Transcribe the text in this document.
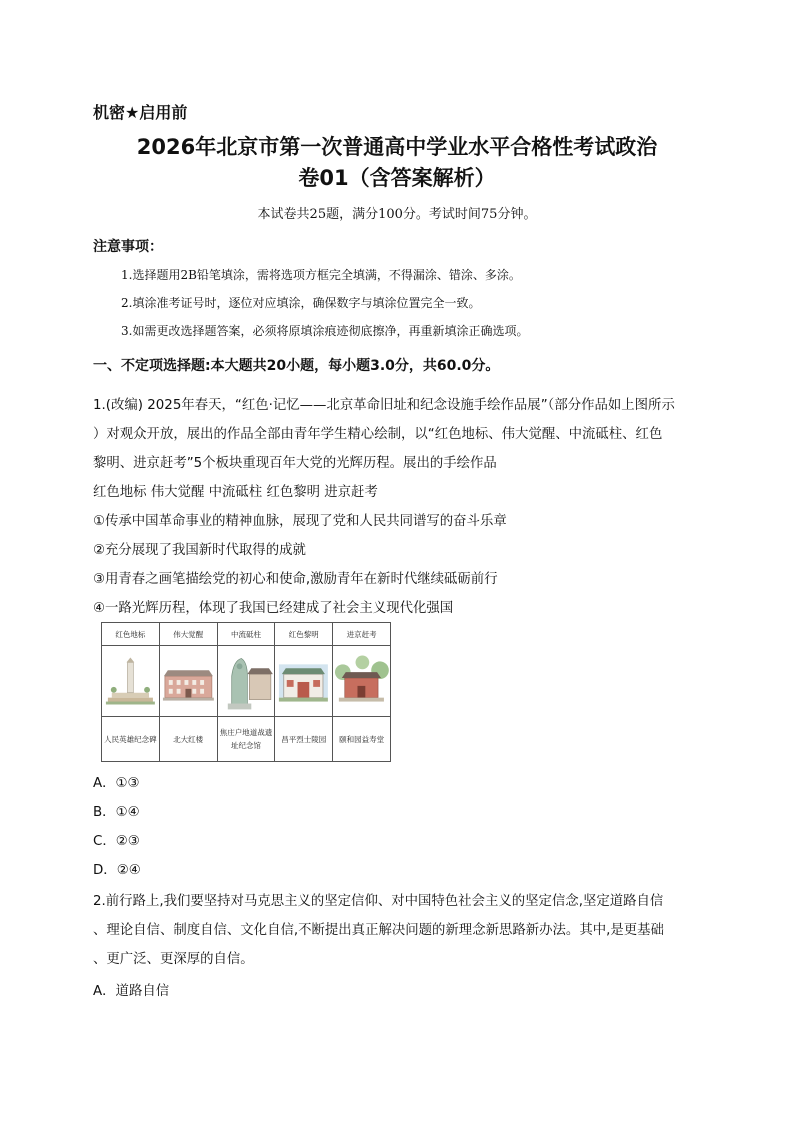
机密★启用前
2026年北京市第一次普通高中学业水平合格性考试政治
卷01（含答案解析）
本试卷共25题，满分100分。考试时间75分钟。
注意事项：
1.选择题用2B铅笔填涂，需将选项方框完全填满，不得漏涂、错涂、多涂。
2.填涂准考证号时，逐位对应填涂，确保数字与填涂位置完全一致。
3.如需更改选择题答案，必须将原填涂痕迹彻底擦净，再重新填涂正确选项。
一、不定项选择题:本大题共20小题，每小题3.0分，共60.0分。
1.(改编) 2025年春天，“红色·记忆——北京革命旧址和纪念设施手绘作品展”（部分作品如上图所示
）对观众开放，展出的作品全部由青年学生精心绘制，以“红色地标、伟大觉醒、中流砥柱、红色
黎明、进京赶考”5个板块重现百年大党的光辉历程。展出的手绘作品
红色地标 伟大觉醒 中流砥柱 红色黎明 进京赶考
①传承中国革命事业的精神血脉，展现了党和人民共同谱写的奋斗乐章
②充分展现了我国新时代取得的成就
③用青春之画笔描绘党的初心和使命,激励青年在新时代继续砥砺前行
④一路光辉历程，体现了我国已经建成了社会主义现代化强国
红色地标	伟大觉醒	中流砥柱	红色黎明	进京赶考

人民英雄纪念碑	北大红楼	焦庄户地道战遗
址纪念馆	昌平烈士陵园	颐和园益寿堂
A．①③
B．①④
C．②③
D．②④
2.前行路上,我们要坚持对马克思主义的坚定信仰、对中国特色社会主义的坚定信念,坚定道路自信
、理论自信、制度自信、文化自信,不断提出真正解决问题的新理念新思路新办法。其中,是更基础
、更广泛、更深厚的自信。
A．道路自信
